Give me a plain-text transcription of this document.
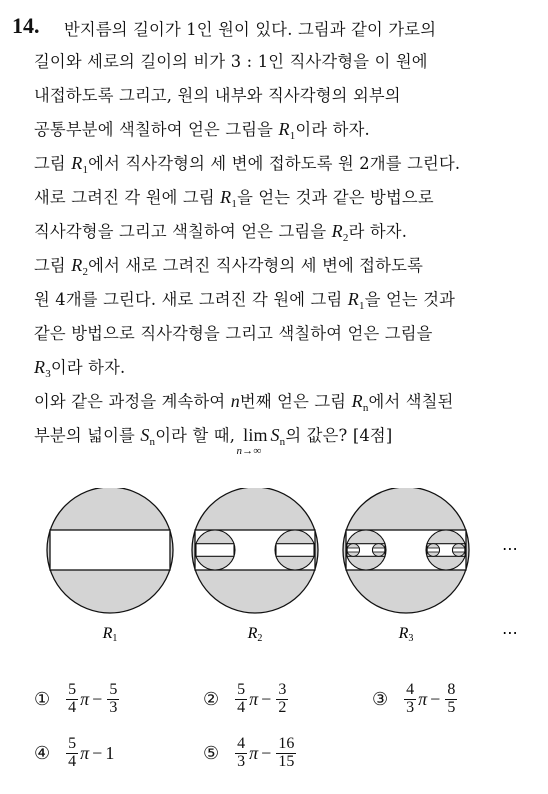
14. 반지름의 길이가 1인 원이 있다. 그림과 같이 가로의
길이와 세로의 길이의 비가 3 : 1인 직사각형을 이 원에
내접하도록 그리고, 원의 내부와 직사각형의 외부의
공통부분에 색칠하여 얻은 그림을 $R_1$이라 하자.
그림 $R_1$에서 직사각형의 세 변에 접하도록 원 2개를 그린다.
새로 그려진 각 원에 그림 $R_1$을 얻는 것과 같은 방법으로
직사각형을 그리고 색칠하여 얻은 그림을 $R_2$라 하자.
그림 $R_2$에서 새로 그려진 직사각형의 세 변에 접하도록
원 4개를 그린다. 새로 그려진 각 원에 그림 $R_1$을 얻는 것과
같은 방법으로 직사각형을 그리고 색칠하여 얻은 그림을
$R_3$이라 하자.
이와 같은 과정을 계속하여 n번째 얻은 그림 $R_n$에서 색칠된
부분의 넓이를 $S_n$이라 할 때, lim
n→∞
$S_n$의 값은? [4점]
R1	R2	R3
⋯
⋯
① $\frac{5}{4}$ $\pi - \frac{5}{3}$	② $\frac{5}{4}$ $\pi - \frac{3}{2}$	③ $\frac{4}{3}$ $\pi - \frac{8}{5}$
④ $\frac{5}{4}$ π − 1	⑤ $\frac{4}{3}$ $\pi - \frac{16}{15}$
